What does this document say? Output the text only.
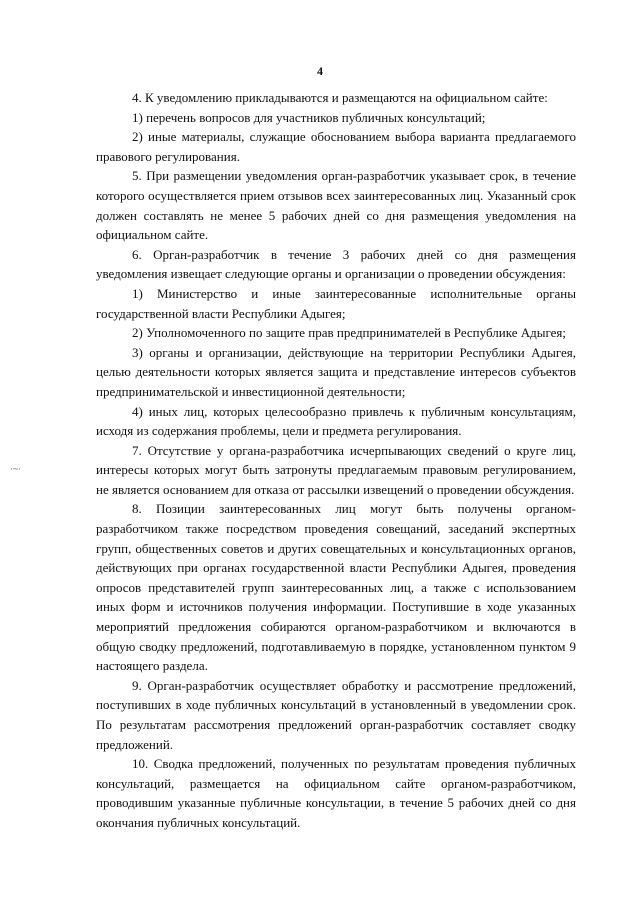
4
·~·

4. К уведомлению прикладываются и размещаются на официальном сайте:

1) перечень вопросов для участников публичных консультаций;

2) иные материалы, служащие обоснованием выбора варианта предлагаемого правового регулирования.

5. При размещении уведомления орган-разработчик указывает срок, в течение которого осуществляется прием отзывов всех заинтересованных лиц. Указанный срок должен составлять не менее 5 рабочих дней со дня размещения уведомления на официальном сайте.

6. Орган-разработчик в течение 3 рабочих дней со дня размещения уведомления извещает следующие органы и организации о проведении обсуждения:

1) Министерство и иные заинтересованные исполнительные органы государственной власти Республики Адыгея;

2) Уполномоченного по защите прав предпринимателей в Республике Адыгея;

3) органы и организации, действующие на территории Республики Адыгея, целью деятельности которых является защита и представление интересов субъектов предпринимательской и инвестиционной деятельности;

4) иных лиц, которых целесообразно привлечь к публичным консультациям, исходя из содержания проблемы, цели и предмета регулирования.

7. Отсутствие у органа-разработчика исчерпывающих сведений о круге лиц, интересы которых могут быть затронуты предлагаемым правовым регулированием, не является основанием для отказа от рассылки извещений о проведении обсуждения.

8. Позиции заинтересованных лиц могут быть получены органом-разработчиком также посредством проведения совещаний, заседаний экспертных групп, общественных советов и других совещательных и консультационных органов, действующих при органах государственной власти Республики Адыгея, проведения опросов представителей групп заинтересованных лиц, а также с использованием иных форм и источников получения информации. Поступившие в ходе указанных мероприятий предложения собираются органом-разработчиком и включаются в общую сводку предложений, подготавливаемую в порядке, установленном пунктом 9 настоящего раздела.

9. Орган-разработчик осуществляет обработку и рассмотрение предложений, поступивших в ходе публичных консультаций в установленный в уведомлении срок. По результатам рассмотрения предложений орган-разработчик составляет сводку предложений.

10. Сводка предложений, полученных по результатам проведения публичных консультаций, размещается на официальном сайте органом-разработчиком, проводившим указанные публичные консультации, в течение 5 рабочих дней со дня окончания публичных консультаций.
